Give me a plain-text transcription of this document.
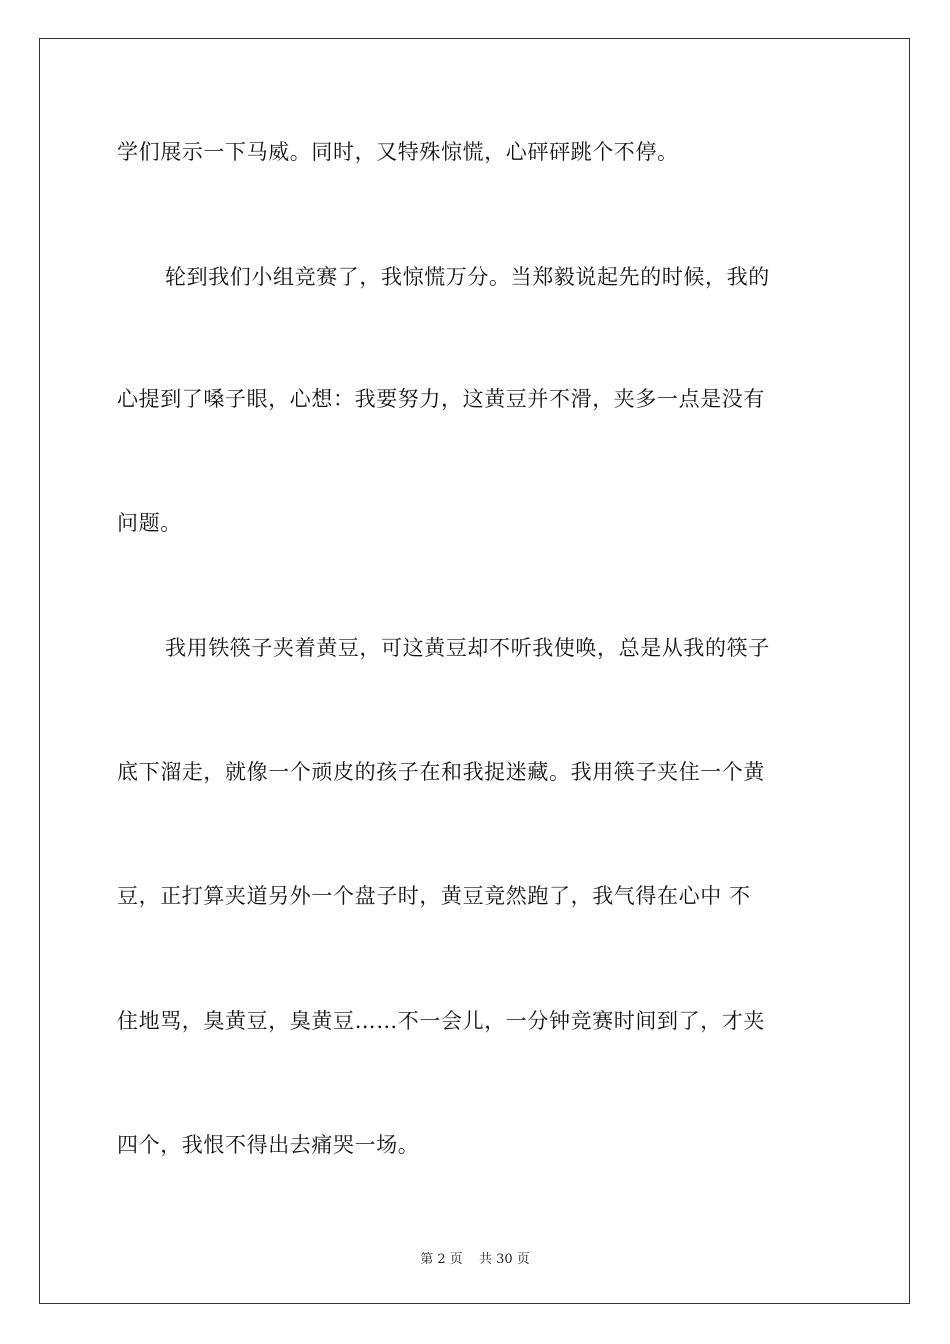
学们展示一下马威。同时，又特殊惊慌，心砰砰跳个不停。
轮到我们小组竞赛了，我惊慌万分。当郑毅说起先的时候，我的
心提到了嗓子眼，心想：我要努力，这黄豆并不滑，夹多一点是没有
问题。
我用铁筷子夹着黄豆，可这黄豆却不听我使唤，总是从我的筷子
底下溜走，就像一个顽皮的孩子在和我捉迷藏。我用筷子夹住一个黄
豆，正打算夹道另外一个盘子时，黄豆竟然跑了，我气得在心中 不
住地骂，臭黄豆，臭黄豆……不一会儿，一分钟竞赛时间到了，才夹
四个，我恨不得出去痛哭一场。
第 2 页 共 30 页
